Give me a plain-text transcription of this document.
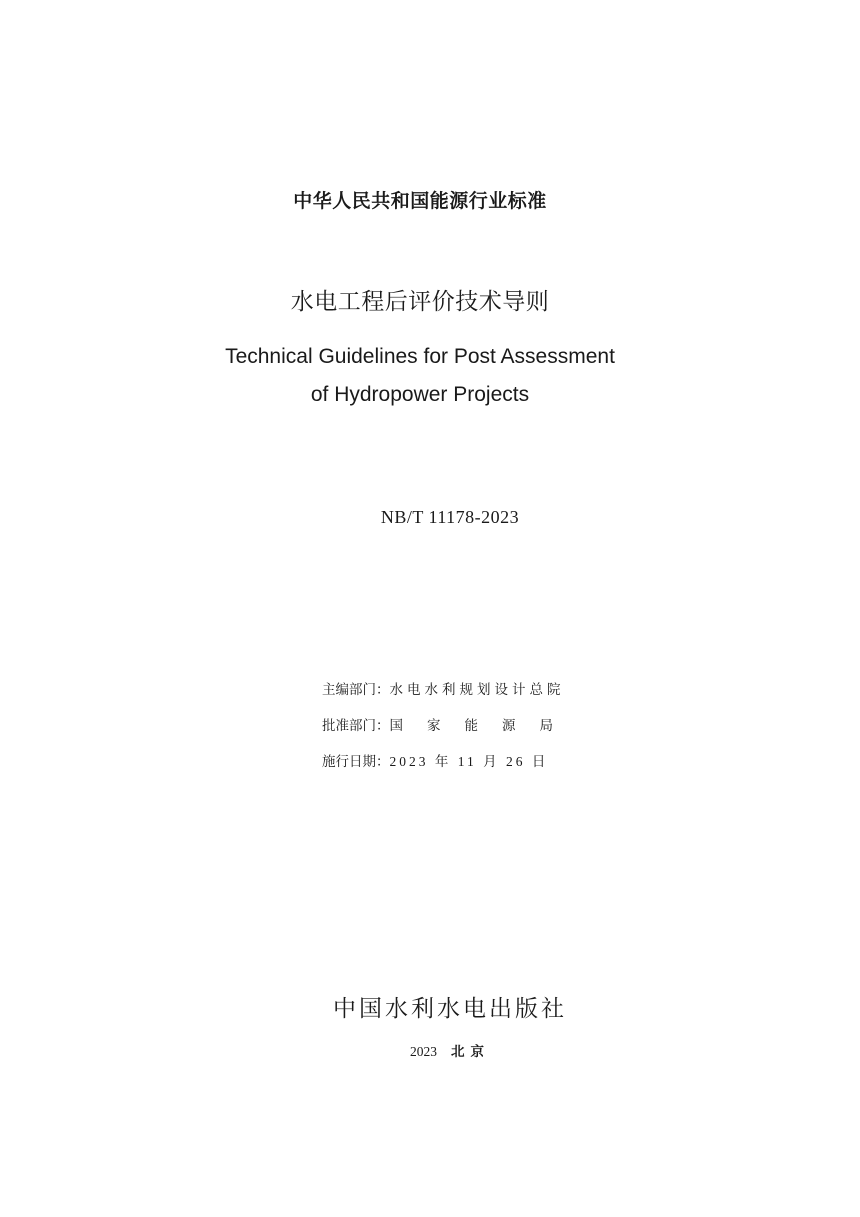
中华人民共和国能源行业标准
水电工程后评价技术导则
Technical Guidelines for Post Assessment
of Hydropower Projects
NB/T 11178-2023
主编部门：水电水利规划设计总院
批准部门：国家能源局
施行日期：2023 年 11 月 26 日
中国水利水电出版社
2023 北京
